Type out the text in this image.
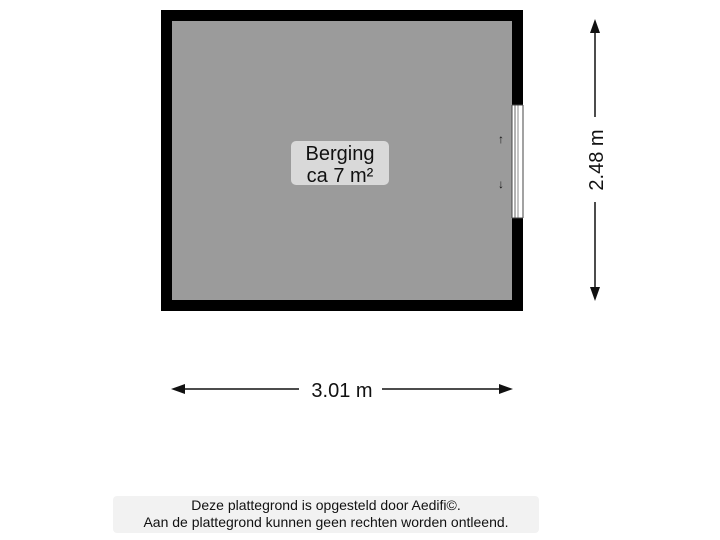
↑
↓
Berging
ca 7 m²	2.48 m
3.01 m
Deze plattegrond is opgesteld door Aedifi©.
Aan de plattegrond kunnen geen rechten worden ontleend.
